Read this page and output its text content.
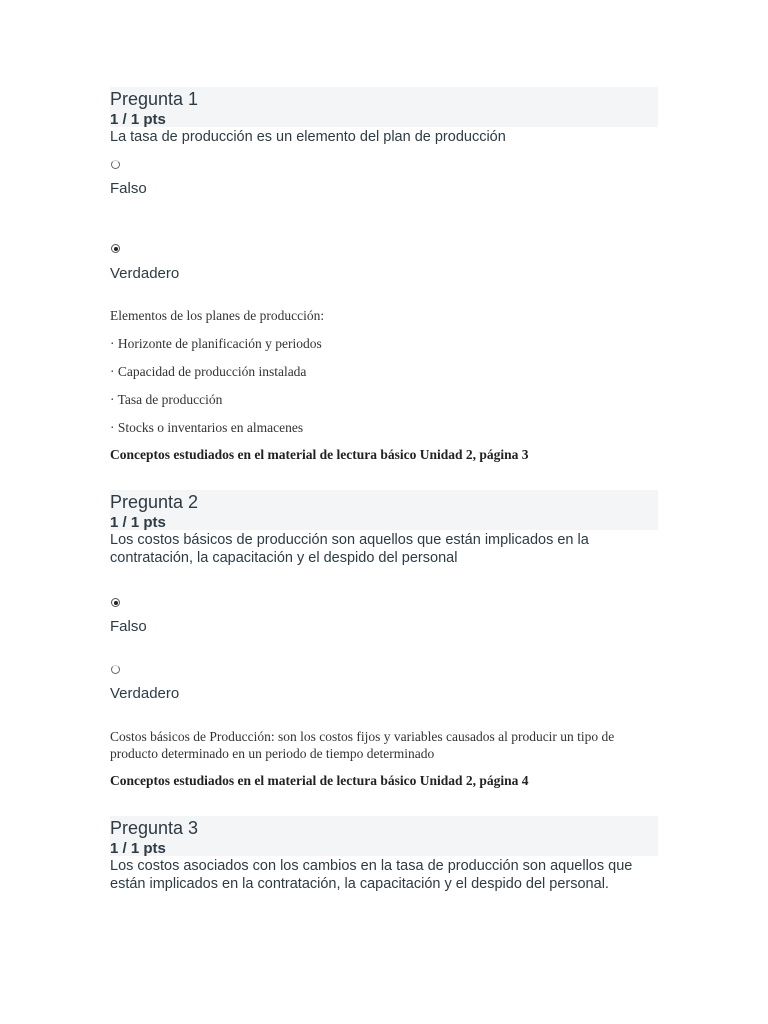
Pregunta 1
1 / 1 pts
La tasa de producción es un elemento del plan de producción
Falso
Verdadero
Elementos de los planes de producción:
· Horizonte de planificación y periodos
· Capacidad de producción instalada
· Tasa de producción
· Stocks o inventarios en almacenes
Conceptos estudiados en el material de lectura básico Unidad 2, página 3
Pregunta 2
1 / 1 pts
Los costos básicos de producción son aquellos que están implicados en la contratación, la capacitación y el despido del personal
Falso
Verdadero
Costos básicos de Producción: son los costos fijos y variables causados al producir un tipo de producto determinado en un periodo de tiempo determinado
Conceptos estudiados en el material de lectura básico Unidad 2, página 4
Pregunta 3
1 / 1 pts
Los costos asociados con los cambios en la tasa de producción son aquellos que están implicados en la contratación, la capacitación y el despido del personal.
